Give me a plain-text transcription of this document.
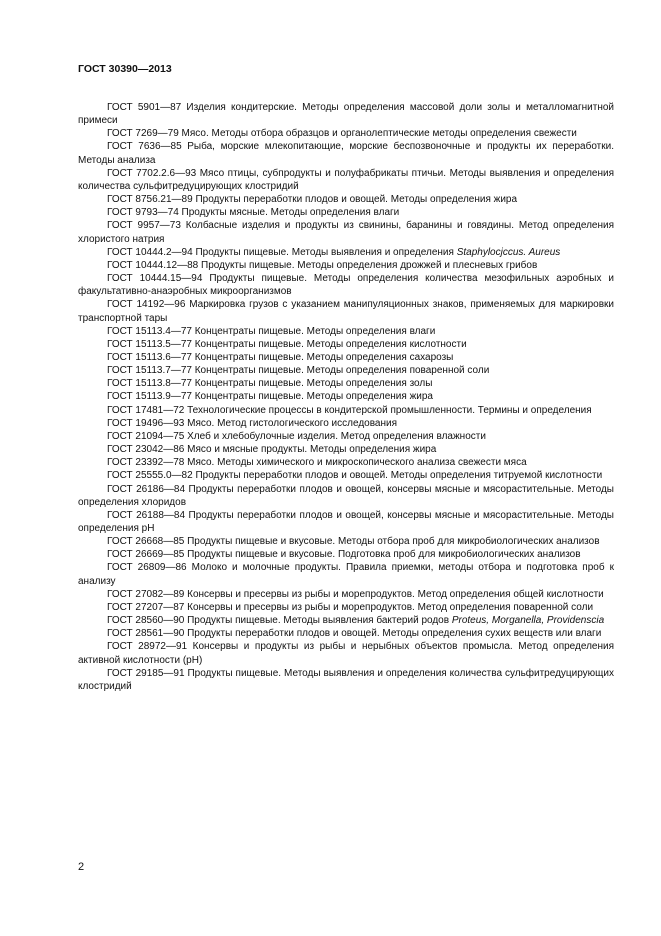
ГОСТ 30390—2013

ГОСТ 5901—87 Изделия кондитерские. Методы определения массовой доли золы и металломагнитной примеси

ГОСТ 7269—79 Мясо. Методы отбора образцов и органолептические методы определения свежести

ГОСТ 7636—85 Рыба, морские млекопитающие, морские беспозвоночные и продукты их переработки. Методы анализа

ГОСТ 7702.2.6—93 Мясо птицы, субпродукты и полуфабрикаты птичьи. Методы выявления и определения количества сульфитредуцирующих клостридий

ГОСТ 8756.21—89 Продукты переработки плодов и овощей. Методы определения жира

ГОСТ 9793—74 Продукты мясные. Методы определения влаги

ГОСТ 9957—73 Колбасные изделия и продукты из свинины, баранины и говядины. Метод определения хлористого натрия

ГОСТ 10444.2—94 Продукты пищевые. Методы выявления и определения Staphylocjccus. Aureus

ГОСТ 10444.12—88 Продукты пищевые. Методы определения дрожжей и плесневых грибов

ГОСТ 10444.15—94 Продукты пищевые. Методы определения количества мезофильных аэробных и факультативно-анаэробных микроорганизмов

ГОСТ 14192—96 Маркировка грузов с указанием манипуляционных знаков, применяемых для маркировки транспортной тары

ГОСТ 15113.4—77 Концентраты пищевые. Методы определения влаги

ГОСТ 15113.5—77 Концентраты пищевые. Методы определения кислотности

ГОСТ 15113.6—77 Концентраты пищевые. Методы определения сахарозы

ГОСТ 15113.7—77 Концентраты пищевые. Методы определения поваренной соли

ГОСТ 15113.8—77 Концентраты пищевые. Методы определения золы

ГОСТ 15113.9—77 Концентраты пищевые. Методы определения жира

ГОСТ 17481—72 Технологические процессы в кондитерской промышленности. Термины и определения

ГОСТ 19496—93 Мясо. Метод гистологического исследования

ГОСТ 21094—75 Хлеб и хлебобулочные изделия. Метод определения влажности

ГОСТ 23042—86 Мясо и мясные продукты. Методы определения жира

ГОСТ 23392—78 Мясо. Методы химического и микроскопического анализа свежести мяса

ГОСТ 25555.0—82 Продукты переработки плодов и овощей. Методы определения титруемой кислотности

ГОСТ 26186—84 Продукты переработки плодов и овощей, консервы мясные и мясорастительные. Методы определения хлоридов

ГОСТ 26188—84 Продукты переработки плодов и овощей, консервы мясные и мясорастительные. Методы определения pH

ГОСТ 26668—85 Продукты пищевые и вкусовые. Методы отбора проб для микробиологических анализов

ГОСТ 26669—85 Продукты пищевые и вкусовые. Подготовка проб для микробиологических анализов

ГОСТ 26809—86 Молоко и молочные продукты. Правила приемки, методы отбора и подготовка проб к анализу

ГОСТ 27082—89 Консервы и пресервы из рыбы и морепродуктов. Метод определения общей кислотности

ГОСТ 27207—87 Консервы и пресервы из рыбы и морепродуктов. Метод определения поваренной соли

ГОСТ 28560—90 Продукты пищевые. Методы выявления бактерий родов Proteus, Morganella, Providenscia

ГОСТ 28561—90 Продукты переработки плодов и овощей. Методы определения сухих веществ или влаги

ГОСТ 28972—91 Консервы и продукты из рыбы и нерыбных объектов промысла. Метод определения активной кислотности (pH)

ГОСТ 29185—91 Продукты пищевые. Методы выявления и определения количества сульфитредуцирующих клостридий

2
